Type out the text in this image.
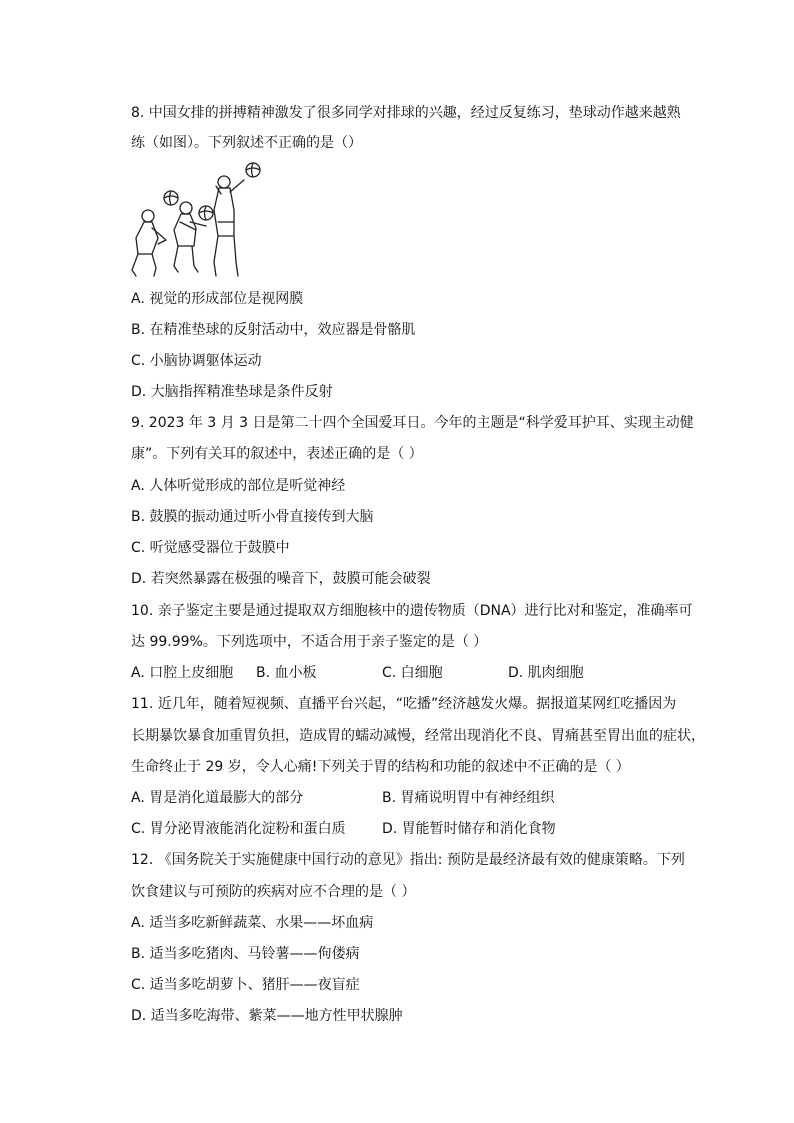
8. 中国女排的拼搏精神激发了很多同学对排球的兴趣，经过反复练习，垫球动作越来越熟
练（如图）。下列叙述不正确的是（）
A. 视觉的形成部位是视网膜
B. 在精准垫球的反射活动中，效应器是骨骼肌
C. 小脑协调躯体运动
D. 大脑指挥精准垫球是条件反射
9. 2023 年 3 月 3 日是第二十四个全国爱耳日。今年的主题是“科学爱耳护耳、实现主动健
康”。下列有关耳的叙述中，表述正确的是（ ）
A. 人体听觉形成的部位是听觉神经
B. 鼓膜的振动通过听小骨直接传到大脑
C. 听觉感受器位于鼓膜中
D. 若突然暴露在极强的噪音下，鼓膜可能会破裂
10. 亲子鉴定主要是通过提取双方细胞核中的遗传物质（DNA）进行比对和鉴定，准确率可
达 99.99%。下列选项中，不适合用于亲子鉴定的是（ ）
A. 口腔上皮细胞 B. 血小板	C. 白细胞	D. 肌肉细胞
11. 近几年，随着短视频、直播平台兴起，“吃播”经济越发火爆。据报道某网红吃播因为
长期暴饮暴食加重胃负担，造成胃的蠕动减慢，经常出现消化不良、胃痛甚至胃出血的症状，
生命终止于 29 岁，令人心痛!下列关于胃的结构和功能的叙述中不正确的是（ ）
A. 胃是消化道最膨大的部分	B. 胃痛说明胃中有神经组织
C. 胃分泌胃液能消化淀粉和蛋白质	D. 胃能暂时储存和消化食物
12. 《国务院关于实施健康中国行动的意见》指出: 预防是最经济最有效的健康策略。下列
饮食建议与可预防的疾病对应不合理的是（ ）
A. 适当多吃新鲜蔬菜、水果——坏血病
B. 适当多吃猪肉、马铃薯——佝偻病
C. 适当多吃胡萝卜、猪肝——夜盲症
D. 适当多吃海带、紫菜——地方性甲状腺肿
